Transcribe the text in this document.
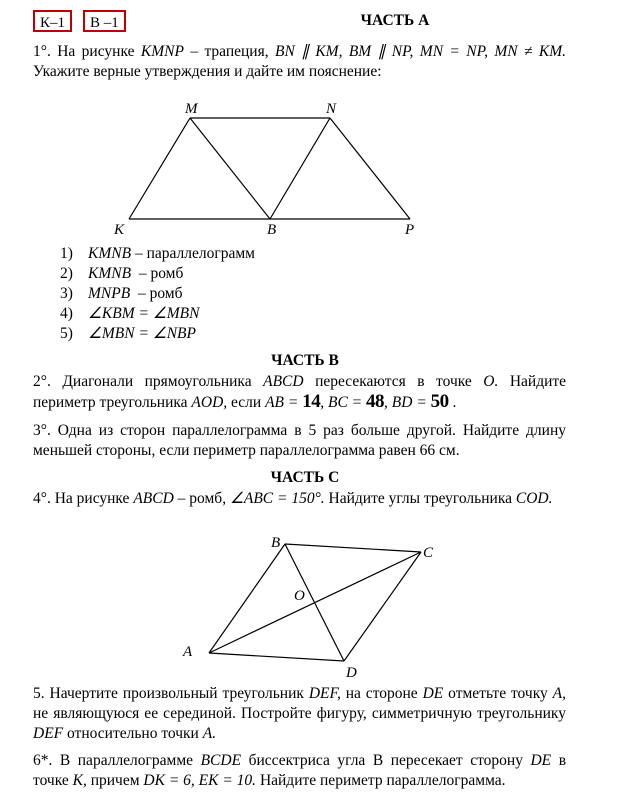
К–1	В –1	ЧАСТЬ А
1°. На рисунке KMNP – трапеция, BN ∥ KM, BM ∥ NP, MN = NP, MN ≠ KM. Укажите верные утверждения и дайте им пояснение:
M	N
K	B	P
1) KMNB – параллелограмм
2) KMNB  – ромб
3) MNPB  – ромб
4) ∠KBM = ∠MBN
5) ∠MBN = ∠NBP
ЧАСТЬ В
2°. Диагонали прямоугольника ABCD пересекаются в точке O. Найдите периметр треугольника AOD, если AB = 14, BC = 48, BD = 50 .
3°. Одна из сторон параллелограмма в 5 раз больше другой. Найдите длину меньшей стороны, если периметр параллелограмма равен 66 см.
ЧАСТЬ С
4°. На рисунке ABCD – ромб, ∠ABC = 150°. Найдите углы треугольника COD.
B
C
O
A
D
5. Начертите произвольный треугольник DEF, на стороне DE отметьте точку A, не являющуюся ее серединой. Постройте фигуру, симметричную треугольнику DEF относительно точки A.
6*. В параллелограмме BCDE биссектриса угла В пересекает сторону DE в точке K, причем DK = 6, EK = 10. Найдите периметр параллелограмма.
